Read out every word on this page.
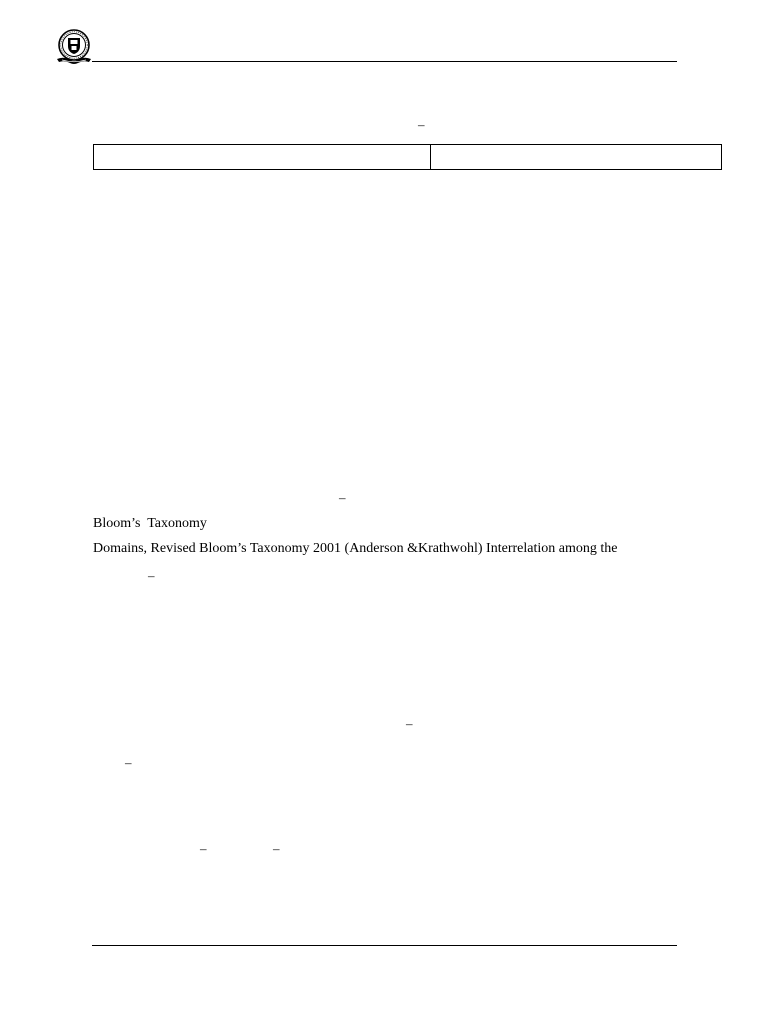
–

–
Bloom’s  Taxonomy
Domains, Revised Bloom’s Taxonomy 2001 (Anderson &Krathwohl) Interrelation among the
–
–
–
–	–
